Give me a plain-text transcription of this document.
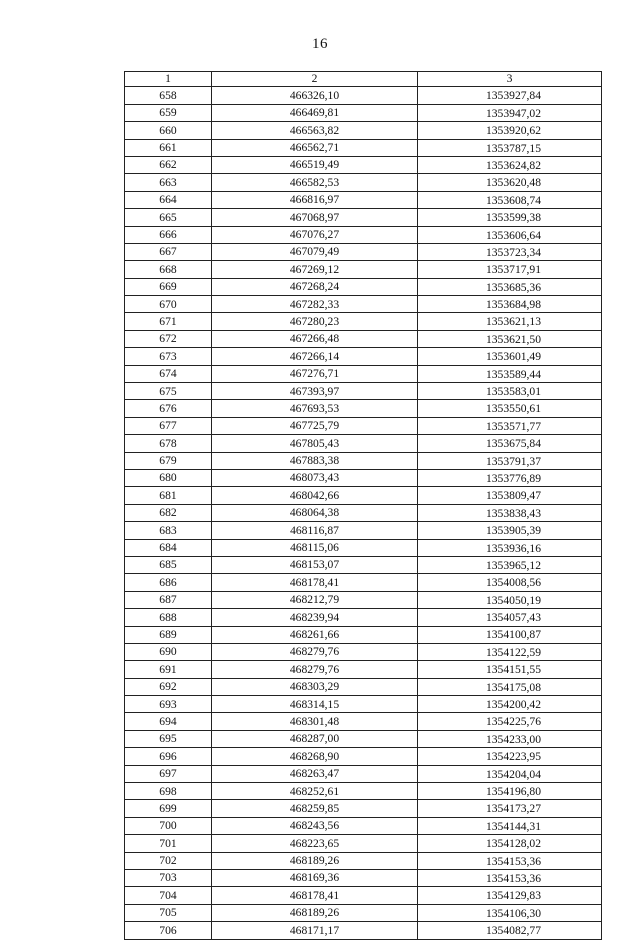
16
1	2	3
658	466326,10	1353927,84
659	466469,81	1353947,02
660	466563,82	1353920,62
661	466562,71	1353787,15
662	466519,49	1353624,82
663	466582,53	1353620,48
664	466816,97	1353608,74
665	467068,97	1353599,38
666	467076,27	1353606,64
667	467079,49	1353723,34
668	467269,12	1353717,91
669	467268,24	1353685,36
670	467282,33	1353684,98
671	467280,23	1353621,13
672	467266,48	1353621,50
673	467266,14	1353601,49
674	467276,71	1353589,44
675	467393,97	1353583,01
676	467693,53	1353550,61
677	467725,79	1353571,77
678	467805,43	1353675,84
679	467883,38	1353791,37
680	468073,43	1353776,89
681	468042,66	1353809,47
682	468064,38	1353838,43
683	468116,87	1353905,39
684	468115,06	1353936,16
685	468153,07	1353965,12
686	468178,41	1354008,56
687	468212,79	1354050,19
688	468239,94	1354057,43
689	468261,66	1354100,87
690	468279,76	1354122,59
691	468279,76	1354151,55
692	468303,29	1354175,08
693	468314,15	1354200,42
694	468301,48	1354225,76
695	468287,00	1354233,00
696	468268,90	1354223,95
697	468263,47	1354204,04
698	468252,61	1354196,80
699	468259,85	1354173,27
700	468243,56	1354144,31
701	468223,65	1354128,02
702	468189,26	1354153,36
703	468169,36	1354153,36
704	468178,41	1354129,83
705	468189,26	1354106,30
706	468171,17	1354082,77
